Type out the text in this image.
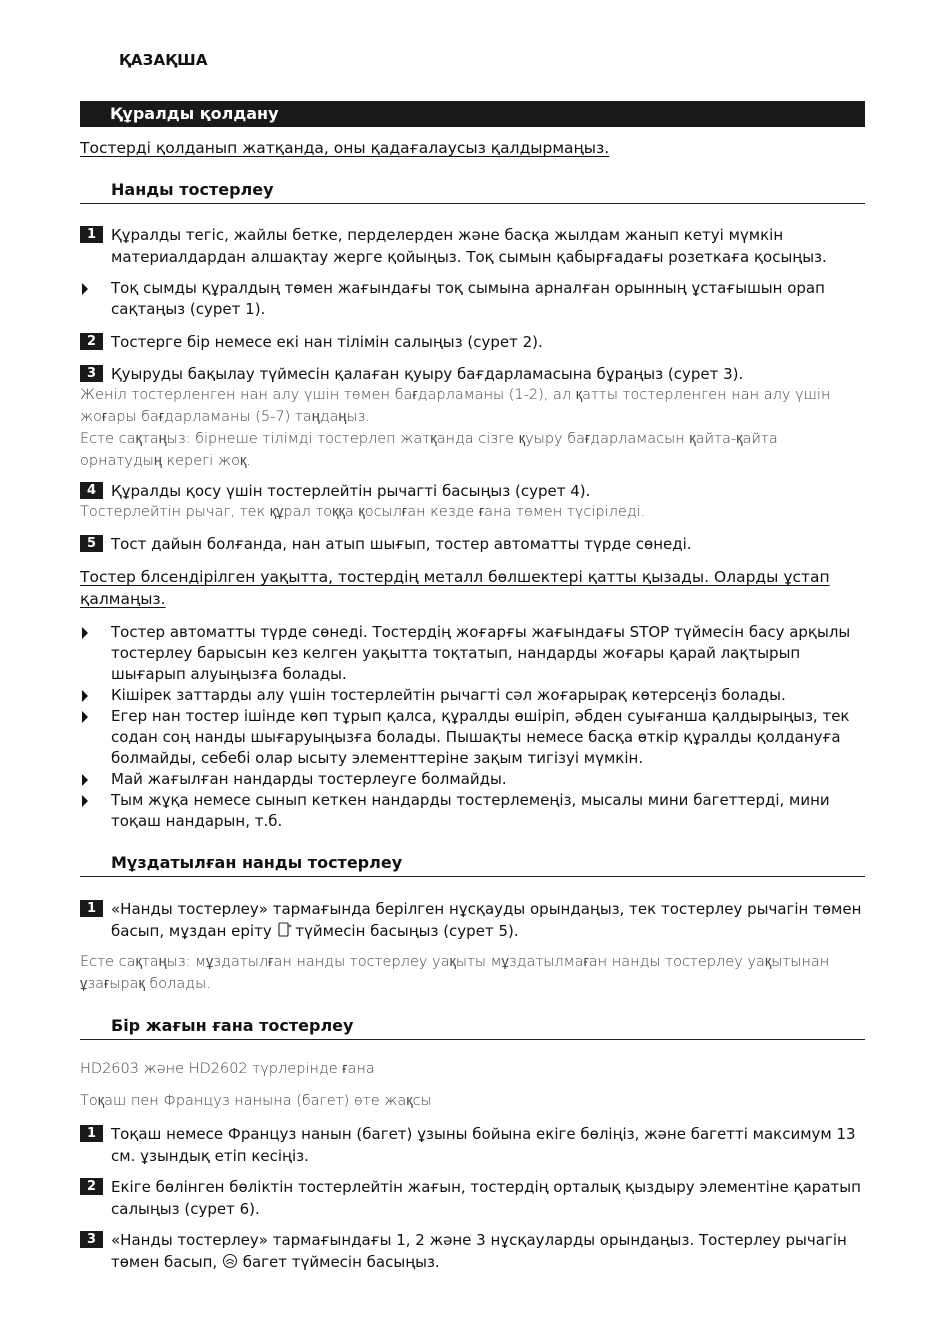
ҚАЗАҚША
Құралды қолдану
Тостерді қолданып жатқанда, оны қадағалаусыз қалдырмаңыз.
Нанды тостерлеу
1 Құралды тегіс, жайлы бетке, перделерден және басқа жылдам жанып кетуі мүмкін материалдардан алшақтау жерге қойыңыз. Тоқ сымын қабырғадағы розеткаға қосыңыз.
Тоқ сымды құралдың төмен жағындағы тоқ сымына арналған орынның ұстағышын орап сақтаңыз (сурет 1).
2 Тостерге бір немесе екі нан тілімін салыңыз (сурет 2).
3 Қуыруды бақылау түймесін қалаған қуыру бағдарламасына бұраңыз (сурет 3).
Женіл тостерленген нан алу үшін төмен бағдарламаны (1-2), ал қатты тостерленген нан алу үшін жоғары бағдарламаны (5-7) таңдаңыз.
Есте сақтаңыз: бірнеше тілімді тостерлеп жатқанда сізге қуыру бағдарламасын қайта-қайта орнатудың керегі жоқ.
4 Құралды қосу үшін тостерлейтін рычагті басыңыз (сурет 4).
Тостерлейтін рычаг, тек құрал тоққа қосылған кезде ғана төмен түсіріледі.
5 Тост дайын болғанда, нан атып шығып, тостер автоматты түрде сөнеді.
Тостер блсендірілген уақытта, тостердің металл бөлшектері қатты қызады. Оларды ұстап қалмаңыз.
Тостер автоматты түрде сөнеді. Тостердің жоғарғы жағындағы STOP түймесін басу арқылы тостерлеу барысын кез келген уақытта тоқтатып, нандарды жоғары қарай лақтырып шығарып алуыңызға болады.
Кішірек заттарды алу үшін тостерлейтін рычагті сәл жоғарырақ көтерсеңіз болады.
Егер нан тостер ішінде көп тұрып қалса, құралды өшіріп, әбден суығанша қалдырыңыз, тек содан соң нанды шығаруыңызға болады. Пышақты немесе басқа өткір құралды қолдануға болмайды, себебі олар ысыту элементтеріне зақым тигізуі мүмкін.
Май жағылған нандарды тостерлеуге болмайды.
Тым жұқа немесе сынып кеткен нандарды тостерлемеңіз, мысалы мини багеттерді, мини тоқаш нандарын, т.б.
Мұздатылған нанды тостерлеу
1 «Нанды тостерлеу» тармағында берілген нұсқауды орындаңыз, тек тостерлеу рычагін төмен басып, мұздан еріту * түймесін басыңыз (сурет 5).
Есте сақтаңыз: мұздатылған нанды тостерлеу уақыты мұздатылмаған нанды тостерлеу уақытынан ұзағырақ болады.
Бір жағын ғана тостерлеу
HD2603 және HD2602 түрлерінде ғана
Тоқаш пен Француз нанына (багет) өте жақсы
1 Тоқаш немесе Француз нанын (багет) ұзыны бойына екіге бөліңіз, және багетті максимум 13 см. ұзындық етіп кесіңіз.
2 Екіге бөлінген бөліктін тостерлейтін жағын, тостердің орталық қыздыру элементіне қаратып салыңыз (сурет 6).
3 «Нанды тостерлеу» тармағындағы 1, 2 және 3 нұсқауларды орындаңыз. Тостерлеу рычагін төмен басып, багет түймесін басыңыз.
